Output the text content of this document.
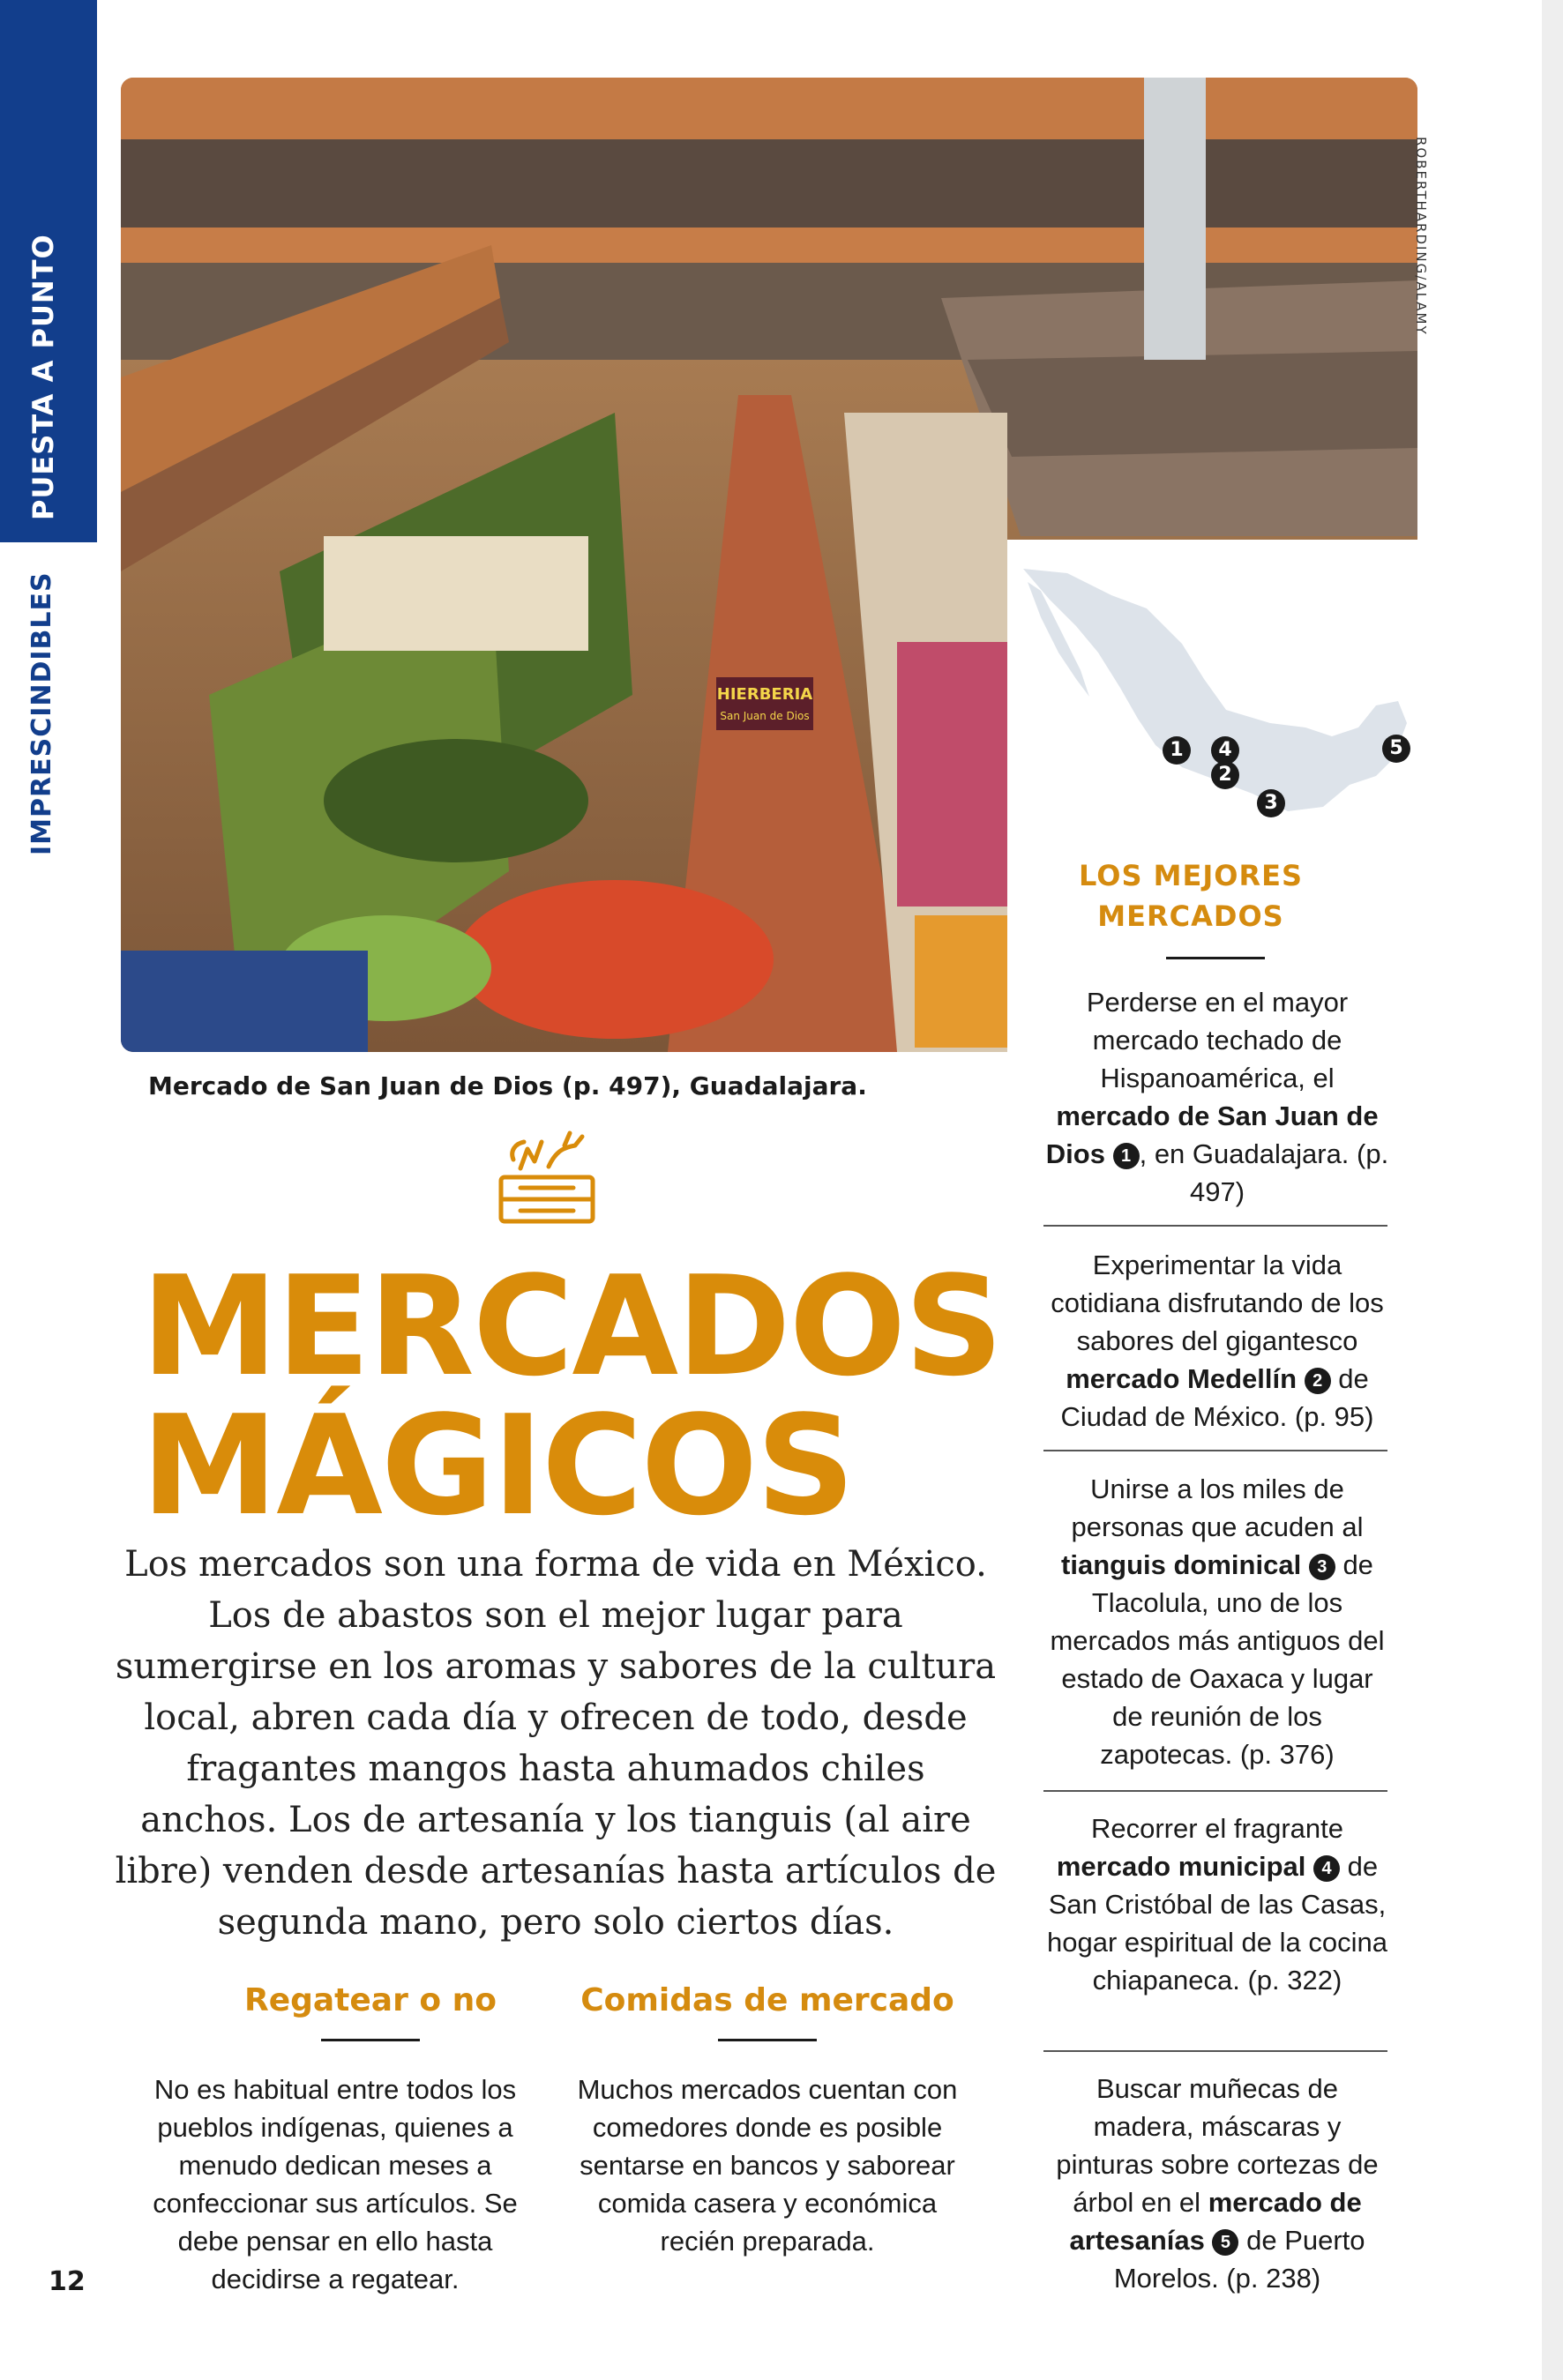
PUESTA A PUNTO
IMPRESCINDIBLES	HIERBERIA
San Juan de Dios
ROBERTHARDING/ALAMY
Mercado de San Juan de Dios (p. 497), Guadalajara.
1	4
2
3
5
LOS MEJORES
MERCADOS
Perderse en el mayor mercado techado de Hispanoamérica, el mercado de San Juan de Dios 1 , en Guadalajara. (p. 497)
Experimentar la vida cotidiana disfrutando de los sabores del gigantesco mercado Medellín 2 de Ciudad de México. (p. 95)
Unirse a los miles de personas que acuden al tianguis dominical 3 de Tlacolula, uno de los mercados más antiguos del estado de Oaxaca y lugar de reunión de los zapotecas. (p. 376)
Recorrer el fragrante mercado municipal 4 de San Cristóbal de las Casas, hogar espiritual de la cocina chiapaneca. (p. 322)
Buscar muñecas de madera, máscaras y pinturas sobre cortezas de árbol en el mercado de artesanías 5 de Puerto Morelos. (p. 238)
MERCADOS
MÁGICOS
Los mercados son una forma de vida en México. Los de abastos son el mejor lugar para sumergirse en los aromas y sabores de la cultura local, abren cada día y ofrecen de todo, desde fragantes mangos hasta ahumados chiles anchos. Los de artesanía y los tianguis (al aire libre) venden desde artesanías hasta artículos de segunda mano, pero solo ciertos días.
Regatear o no
No es habitual entre todos los pueblos indígenas, quienes a menudo dedican meses a confeccionar sus artículos. Se debe pensar en ello hasta decidirse a regatear.
Comidas de mercado
Muchos mercados cuentan con comedores donde es posible sentarse en bancos y saborear comida casera y económica recién preparada.
12
